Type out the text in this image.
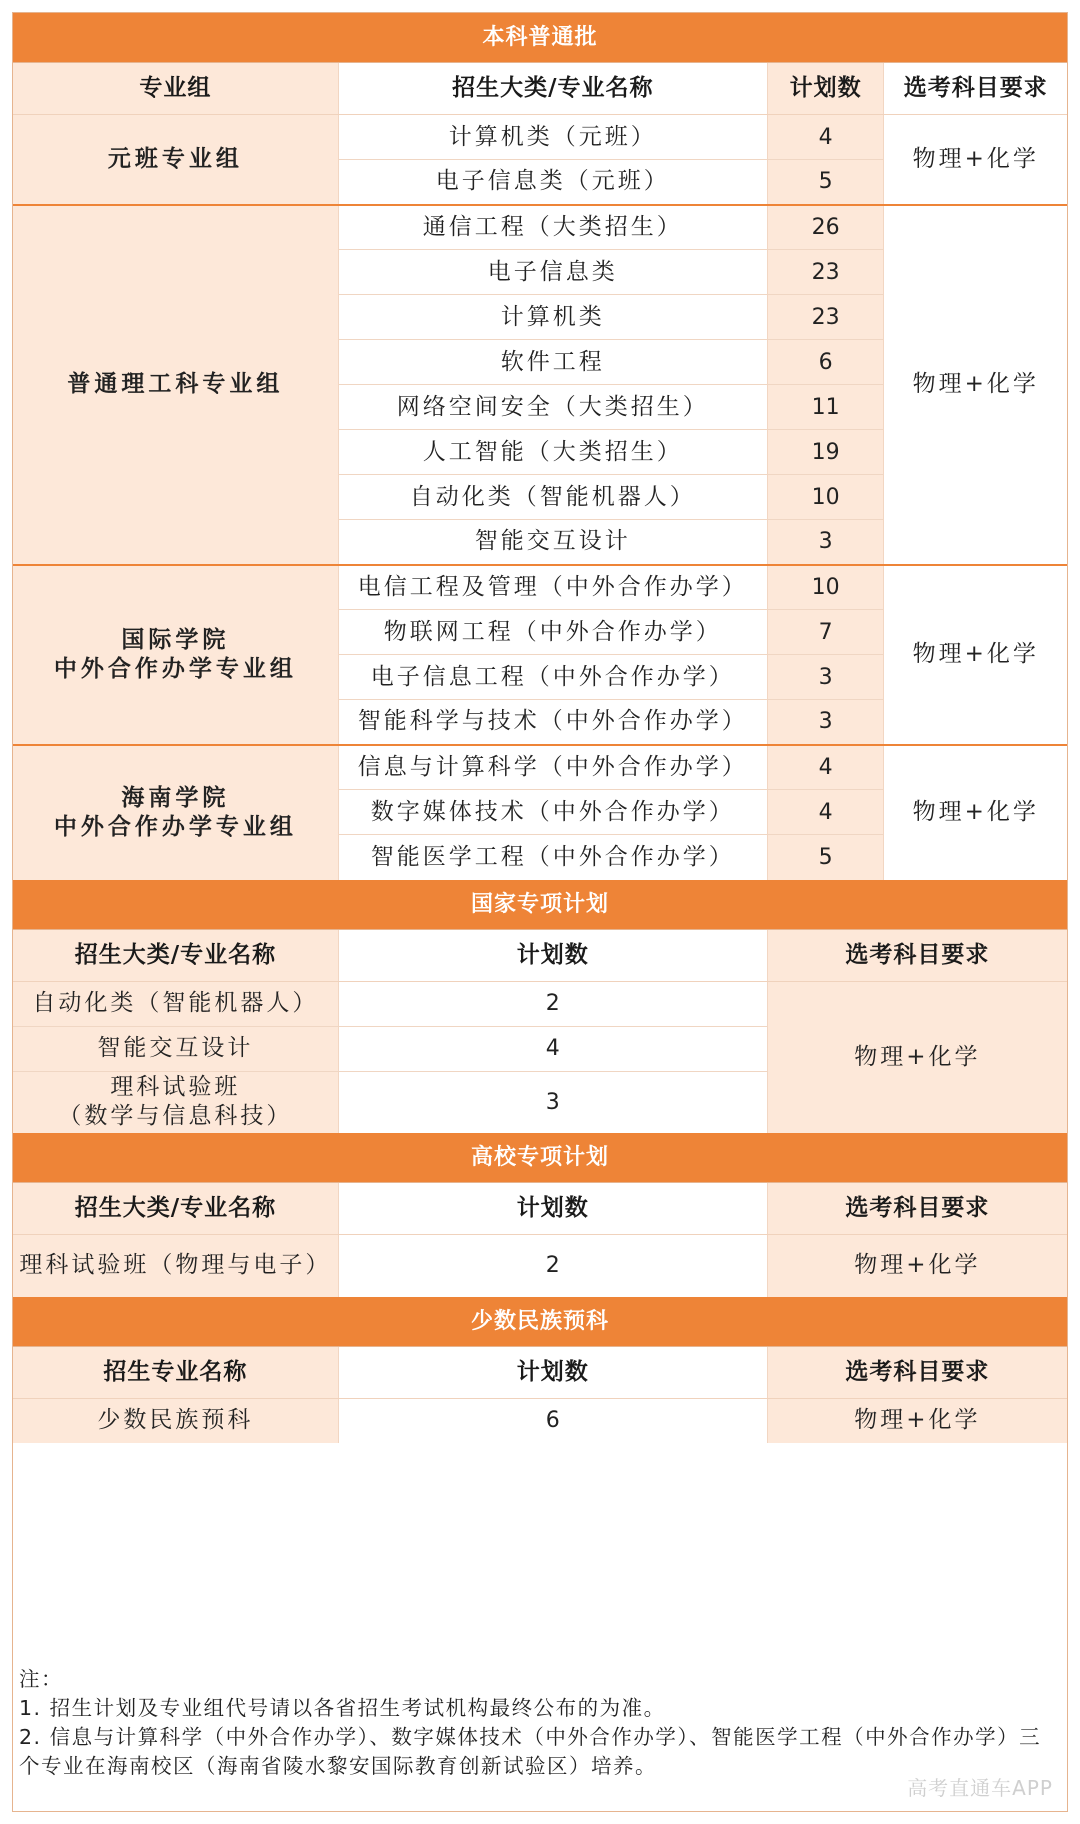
本科普通批			
专业组	招生大类/专业名称	计划数	选考科目要求

元班专业组	计算机类（元班）	4	物理+化学
	电子信息类（元班）	5	

普通理工科专业组	通信工程（大类招生）	26	物理+化学
	电子信息类	23	
	计算机类	23	
	软件工程	6	
	网络空间安全（大类招生）	11	
	人工智能（大类招生）	19	
	自动化类（智能机器人）	10	
	智能交互设计	3	

国际学院
中外合作办学专业组	电信工程及管理（中外合作办学）	10	物理+化学
	物联网工程（中外合作办学）	7	
	电子信息工程（中外合作办学）	3	
	智能科学与技术（中外合作办学）	3	

海南学院
中外合作办学专业组	信息与计算科学（中外合作办学）	4	物理+化学
	数字媒体技术（中外合作办学）	4	
	智能医学工程（中外合作办学）	5	
国家专项计划		
招生大类/专业名称	计划数	选考科目要求

自动化类（智能机器人）	2	物理+化学

智能交互设计	4	

理科试验班
（数学与信息科技）	3	
高校专项计划		
招生大类/专业名称	计划数	选考科目要求
理科试验班（物理与电子）	2	物理+化学
少数民族预科		
招生专业名称	计划数	选考科目要求
少数民族预科	6	物理+化学
注：
1. 招生计划及专业组代号请以各省招生考试机构最终公布的为准。
2. 信息与计算科学（中外合作办学）、数字媒体技术（中外合作办学）、智能医学工程（中外合作办学）三个专业在海南校区（海南省陵水黎安国际教育创新试验区）培养。
高考直通车APP
